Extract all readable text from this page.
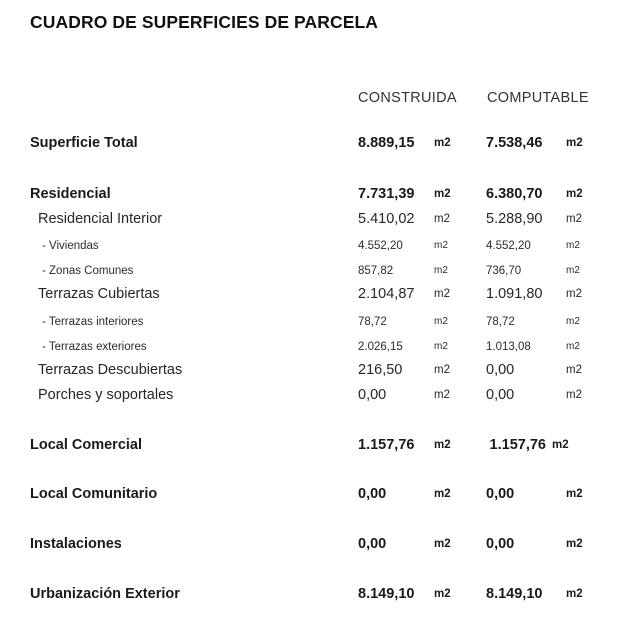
CUADRO DE SUPERFICIES DE PARCELA
CONSTRUIDA COMPUTABLE
Superficie Total	8.889,15 m2 7.538,46 m2
Residencial	7.731,39 m2 6.380,70 m2
Residencial Interior	5.410,02 m2 5.288,90 m2
- Viviendas	4.552,20	m2	4.552,20	m2
- Zonas Comunes	857,82	m2	736,70	m2
Terrazas Cubiertas	2.104,87 m2 1.091,80 m2
- Terrazas interiores	78,72	m2	78,72	m2
- Terrazas exteriores	2.026,15	m2	1.013,08	m2
Terrazas Descubiertas	216,50	m2 0,00	m2
Porches y soportales	0,00	m2 0,00	m2
Local Comercial	1.157,76 m2	1.157,76 m2
Local Comunitario	0,00	m2 0,00	m2
Instalaciones	0,00	m2 0,00	m2
Urbanización Exterior	8.149,10 m2 8.149,10 m2
